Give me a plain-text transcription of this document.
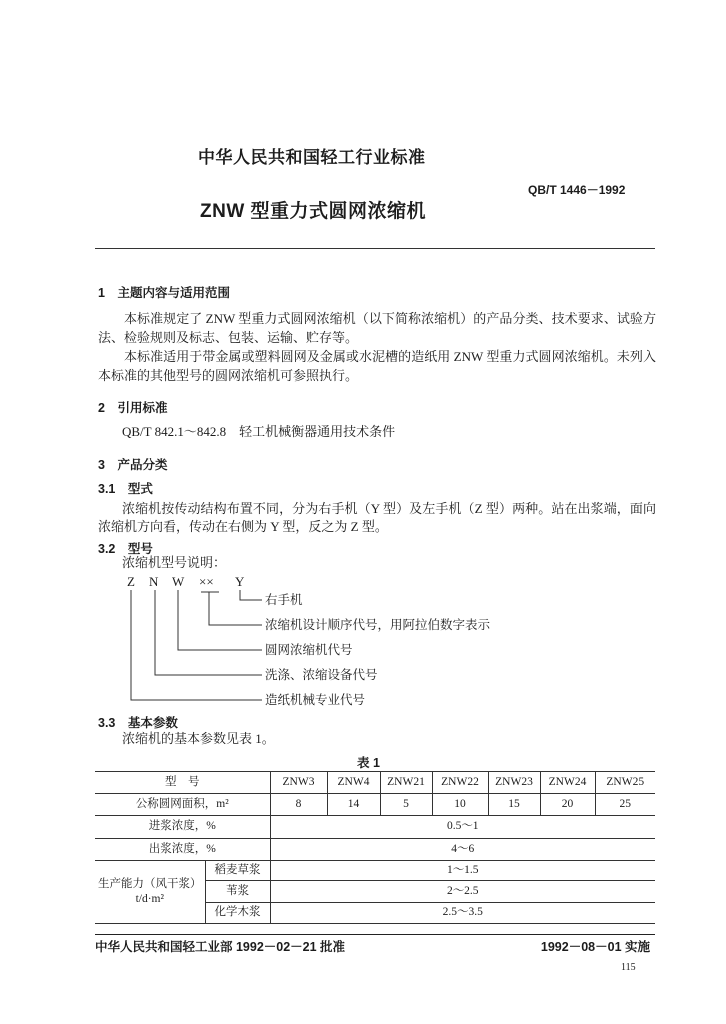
中华人民共和国轻工行业标准
QB/T 1446－1992
ZNW 型重力式圆网浓缩机
1　主题内容与适用范围
本标准规定了 ZNW 型重力式圆网浓缩机（以下简称浓缩机）的产品分类、技术要求、试验方法、检验规则及标志、包装、运输、贮存等。
本标准适用于带金属或塑料圆网及金属或水泥槽的造纸用 ZNW 型重力式圆网浓缩机。未列入本标准的其他型号的圆网浓缩机可参照执行。
2　引用标准
QB/T 842.1～842.8　轻工机械衡器通用技术条件
3　产品分类
3.1　型式
浓缩机按传动结构布置不同，分为右手机（Y 型）及左手机（Z 型）两种。站在出浆端，面向浓缩机方向看，传动在右侧为 Y 型，反之为 Z 型。
3.2　型号
浓缩机型号说明：
Z N W ×× Y
右手机
浓缩机设计顺序代号，用阿拉伯数字表示
圆网浓缩机代号
洗涤、浓缩设备代号
造纸机械专业代号
3.3　基本参数
浓缩机的基本参数见表 1。
表 1
型　号		ZNW3	ZNW4	ZNW21	ZNW22	ZNW23	ZNW24	ZNW25
公称圆网面积，m²		8	14	5	10	15	20	25
进浆浓度，%		0.5～1						
出浆浓度，%		4～6						

生产能力（风干浆）
t/d·m²	稻麦草浆	1～1.5						
	苇浆	2～2.5						
	化学木浆	2.5～3.5						
中华人民共和国轻工业部 1992－02－21 批准	1992－08－01 实施
115
